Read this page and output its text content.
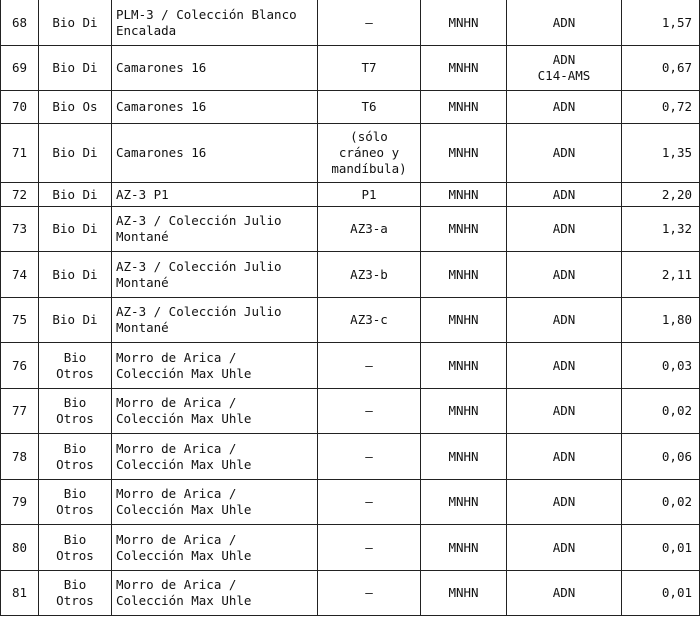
68	Bio Di	PLM-3 / Colección Blanco
Encalada	–	MNHN	ADN	1,57
69	Bio Di	Camarones 16	T7	MNHN	ADN
C14-AMS	0,67
70	Bio Os	Camarones 16	T6	MNHN	ADN	0,72
71	Bio Di	Camarones 16	(sólo
cráneo y
mandíbula)	MNHN	ADN	1,35
72	Bio Di	AZ-3 P1	P1	MNHN	ADN	2,20
73	Bio Di	AZ-3 / Colección Julio
Montané	AZ3-a	MNHN	ADN	1,32
74	Bio Di	AZ-3 / Colección Julio
Montané	AZ3-b	MNHN	ADN	2,11
75	Bio Di	AZ-3 / Colección Julio
Montané	AZ3-c	MNHN	ADN	1,80
76	Bio
Otros	Morro de Arica /
Colección Max Uhle	–	MNHN	ADN	0,03
77	Bio
Otros	Morro de Arica /
Colección Max Uhle	–	MNHN	ADN	0,02
78	Bio
Otros	Morro de Arica /
Colección Max Uhle	–	MNHN	ADN	0,06
79	Bio
Otros	Morro de Arica /
Colección Max Uhle	–	MNHN	ADN	0,02
80	Bio
Otros	Morro de Arica /
Colección Max Uhle	–	MNHN	ADN	0,01
81	Bio
Otros	Morro de Arica /
Colección Max Uhle	–	MNHN	ADN	0,01
